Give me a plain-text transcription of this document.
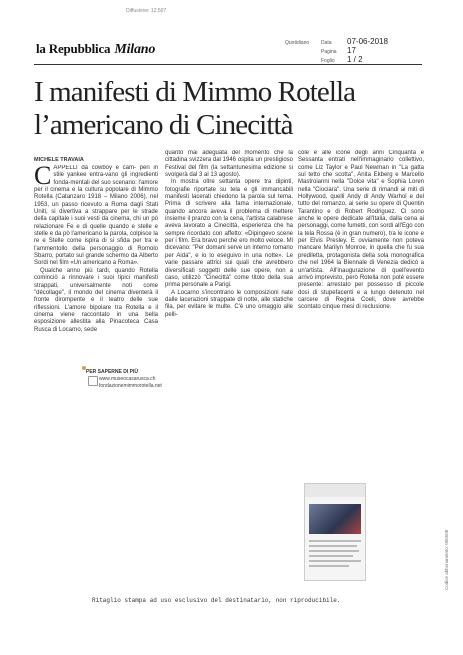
Diffusione: 12.507
la Repubblica Milano	Quotidiano Data 07-06-2018
Pagina 17
Foglio 1 / 2
I manifesti di Mimmo Rotella
l’americano di Cinecittà
MICHELE TRAVAIA

CAPPELLI da cowboy e cam- peri in stile yankee entra-vano gli ingredienti fonda-mentali del suo scenario: l'amore per il cinema e la cultura popolare di Mimmo Rotella (Catanzaro 1918 – Milano 2006), nel 1953, un passo ricevuto a Roma dagli Stati Uniti, si divertiva a strappare per le strade della capitale i suoi vesti da cinema, chi un pò relazionare Fe e di quelle quando e stelle e stelle e da pò l'americano la parola, colpisce la re e Stelle come ispira di si sfida per tra e l'ammentollo della personaggio di Romolo Sbarro, portato sul grande schermo da Alberto Sordi nel film «Un americano a Roma».

Qualche anno più tardi, quando Rotella cominciò a rinnovare i suoi tipici manifesti strappati, universalmente noti come "décollage", il mondo del cinema diventerà il fronte dirompente e il teatro delle sue riflessioni. L'amore bipolare tra Rotella e il cinema viene raccontato in una bella esposizione allestita alla Pinacoteca Casa Rusca di Locarno, sede

PER SAPERNE DI PIÙ
www.museocasarusca.ch
fondazionemimmorotella.net

quanto mai adeguata del momento che la cittadina svizzera dal 1946 ospita un prestigioso Festival del film (la settantunesima edizione si svolgerà dal 3 al 13 agosto).

In mostra oltre settanta opere tra dipinti, fotografie riportate su tela e gli immancabili manifesti lacerati chiedono la parola sul tema. Prima di scrivere alla fama internazionale, quando ancora aveva il problema di mettere insieme il pranzo con la cena, l'artista calabrese aveva lavorato a Cinecittà, esperienza che ha sempre ricordato con affetto: «Dipingevo scene per i film. Era bravo perché ero molto veloce. Mi dicevano: "Per domani serve un interno romano per Aida", e io lo eseguivo in una notte». Le varie passare attrici sui quali che avrebbero diversificati soggetti delle sue opere, non a caso, utilizzò "Cinecittà" come titolo della sua prima personale a Parigi.

A Locarno s'incontrano le composizioni nate dalle lacerazioni strappate di notte, alle statiche fila, per evitare le multe. C'è uno omaggio alle pelli-

cole e alle icone degli anni Cinquanta e Sessanta entrati nell'immaginario collettivo, come Liz Taylor e Paul Newman in "La gatta sul tetto che scotta", Anita Ekberg e Marcello Mastroianni nella "Dolce vita" e Sophia Loren nella "Ciociara". Una serie di rimandi ai miti di Hollywood, quelli Andy di Andy Warhol e del tutto del romanzo, ai serie su opere di Quentin Tarantino e di Robert Rodriguez. Ci sono anche le opere dedicate all'Italia, dalla cena ai personaggi, come fumetti, con sordi all'Ego con la tela Rossa (è in gran numero), tra le icone e per Elvis Presley. E ovviamente non poteva mancare Marilyn Monroe, in quella che fu sua prediletta, protagonista della sola monografica che nel 1964 la Biennale di Venezia dedicò a un'artista. All'inaugurazione di quell'evento arrivò imprevisto, però Rotella non poté essere presente: arrestato per possesso di piccole dosi di stupefacenti e a lungo detenuto nel carcere di Regina Coeli, dove avrebbe scontato cinque mesi di reclusione.

Codice abbonamento: 005508
Ritaglio stampa ad uso esclusivo del destinatario, non riproducibile.
